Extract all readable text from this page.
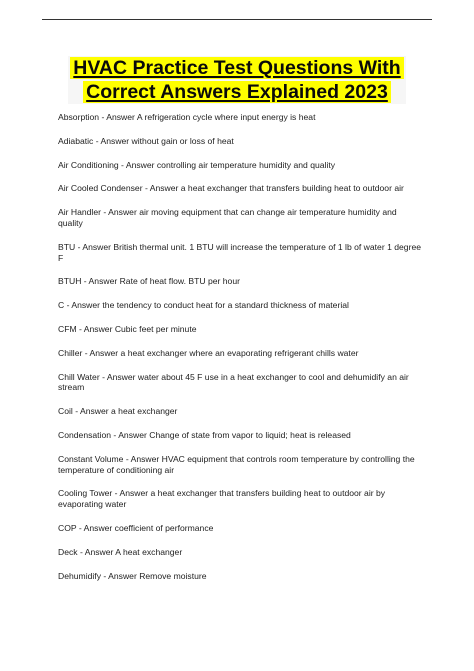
HVAC Practice Test Questions With
Correct Answers Explained 2023
Absorption - Answer A refrigeration cycle where input energy is heat
Adiabatic - Answer without gain or loss of heat
Air Conditioning - Answer controlling air temperature humidity and quality
Air Cooled Condenser - Answer a heat exchanger that transfers building heat to outdoor air
Air Handler - Answer air moving equipment that can change air temperature humidity and quality
BTU - Answer British thermal unit. 1 BTU will increase the temperature of 1 lb of water 1 degree F
BTUH - Answer Rate of heat flow. BTU per hour
C - Answer the tendency to conduct heat for a standard thickness of material
CFM - Answer Cubic feet per minute
Chiller - Answer a heat exchanger where an evaporating refrigerant chills water
Chill Water - Answer water about 45 F use in a heat exchanger to cool and dehumidify an air stream
Coil - Answer a heat exchanger
Condensation - Answer Change of state from vapor to liquid; heat is released
Constant Volume - Answer HVAC equipment that controls room temperature by controlling the temperature of conditioning air
Cooling Tower - Answer a heat exchanger that transfers building heat to outdoor air by evaporating water
COP - Answer coefficient of performance
Deck - Answer A heat exchanger
Dehumidify - Answer Remove moisture
